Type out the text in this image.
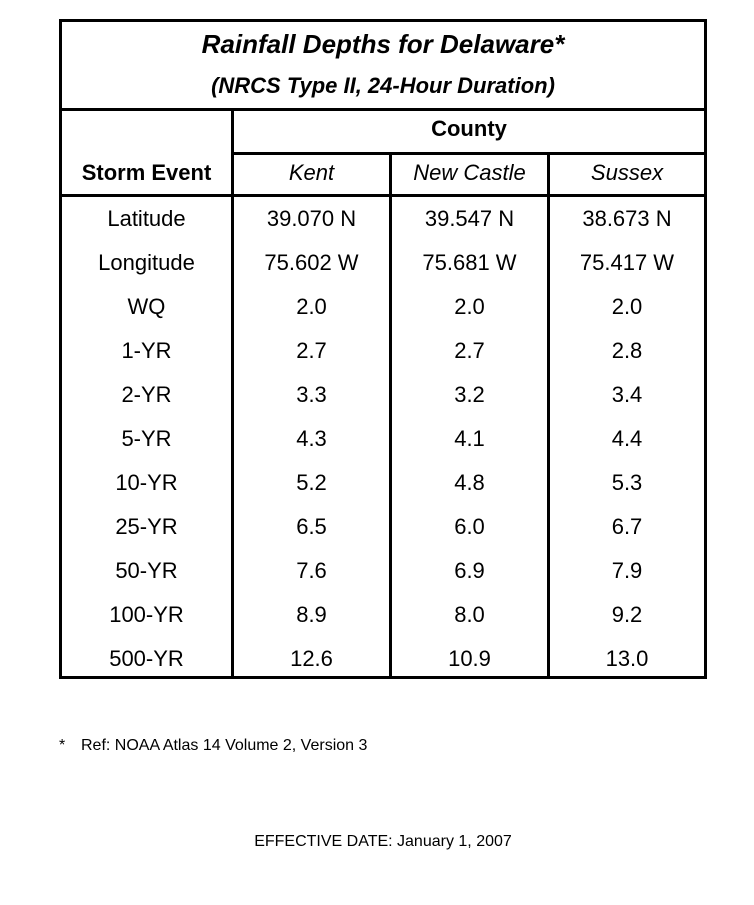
Rainfall Depths for Delaware*
(NRCS Type II, 24-Hour Duration)
County
Storm Event	Kent	New Castle	Sussex
Latitude	39.070 N	39.547 N	38.673 N
Longitude	75.602 W	75.681 W	75.417 W
WQ	2.0	2.0	2.0
1-YR	2.7	2.7	2.8
2-YR	3.3	3.2	3.4
5-YR	4.3	4.1	4.4
10-YR	5.2	4.8	5.3
25-YR	6.5	6.0	6.7
50-YR	7.6	6.9	7.9
100-YR	8.9	8.0	9.2
500-YR	12.6	10.9	13.0
* Ref: NOAA Atlas 14 Volume 2, Version 3
EFFECTIVE DATE: January 1, 2007
